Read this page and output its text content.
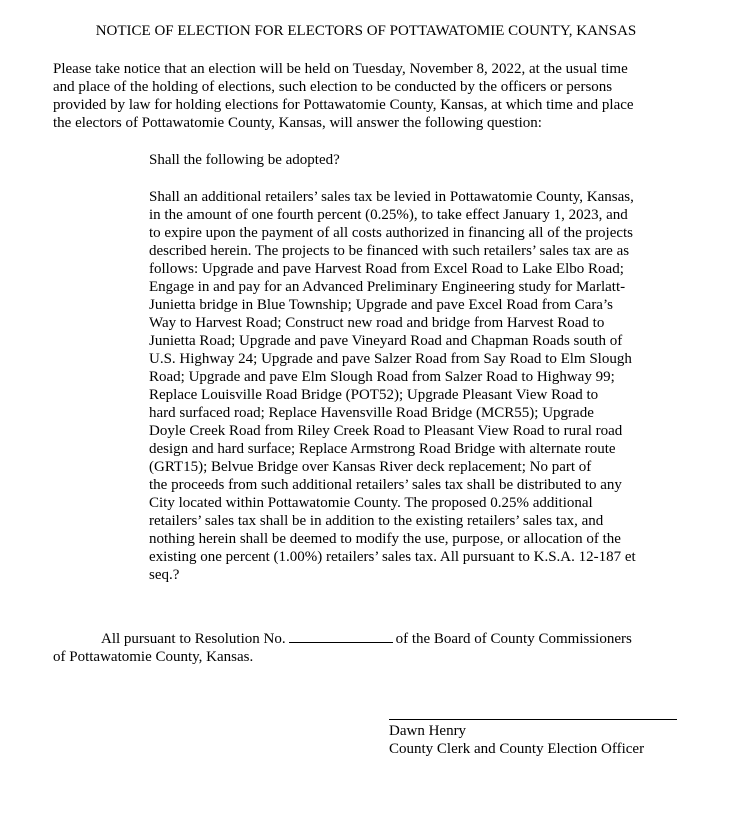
NOTICE OF ELECTION FOR ELECTORS OF POTTAWATOMIE COUNTY, KANSAS
Please take notice that an election will be held on Tuesday, November 8, 2022, at the usual time
and place of the holding of elections, such election to be conducted by the officers or persons
provided by law for holding elections for Pottawatomie County, Kansas, at which time and place
the electors of Pottawatomie County, Kansas, will answer the following question:
Shall the following be adopted?
Shall an additional retailers’ sales tax be levied in Pottawatomie County, Kansas,
in the amount of one fourth percent (0.25%), to take effect January 1, 2023, and
to expire upon the payment of all costs authorized in financing all of the projects
described herein. The projects to be financed with such retailers’ sales tax are as
follows: Upgrade and pave Harvest Road from Excel Road to Lake Elbo Road;
Engage in and pay for an Advanced Preliminary Engineering study for Marlatt-
Junietta bridge in Blue Township; Upgrade and pave Excel Road from Cara’s
Way to Harvest Road; Construct new road and bridge from Harvest Road to
Junietta Road; Upgrade and pave Vineyard Road and Chapman Roads south of
U.S. Highway 24; Upgrade and pave Salzer Road from Say Road to Elm Slough
Road; Upgrade and pave Elm Slough Road from Salzer Road to Highway 99;
Replace Louisville Road Bridge (POT52); Upgrade Pleasant View Road to
hard surfaced road; Replace Havensville Road Bridge (MCR55); Upgrade
Doyle Creek Road from Riley Creek Road to Pleasant View Road to rural road
design and hard surface; Replace Armstrong Road Bridge with alternate route
(GRT15); Belvue Bridge over Kansas River deck replacement; No part of
the proceeds from such additional retailers’ sales tax shall be distributed to any
City located within Pottawatomie County. The proposed 0.25% additional
retailers’ sales tax shall be in addition to the existing retailers’ sales tax, and
nothing herein shall be deemed to modify the use, purpose, or allocation of the
existing one percent (1.00%) retailers’ sales tax. All pursuant to K.S.A. 12-187 et
seq.?
All pursuant to Resolution No.	of the Board of County Commissioners
of Pottawatomie County, Kansas.
Dawn Henry
County Clerk and County Election Officer
